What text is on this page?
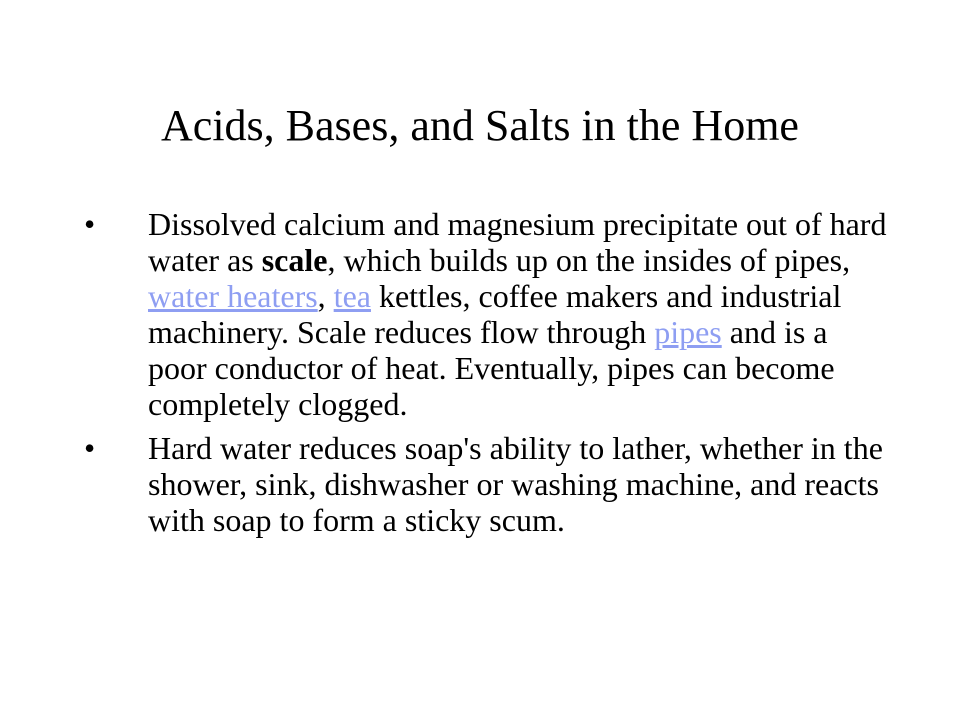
Acids, Bases, and Salts in the Home
• Dissolved calcium and magnesium precipitate out of hard water as scale, which builds up on the insides of pipes, water heaters, tea kettles, coffee makers and industrial machinery. Scale reduces flow through pipes and is a poor conductor of heat. Eventually, pipes can become completely clogged.
• Hard water reduces soap's ability to lather, whether in the shower, sink, dishwasher or washing machine, and reacts with soap to form a sticky scum.
